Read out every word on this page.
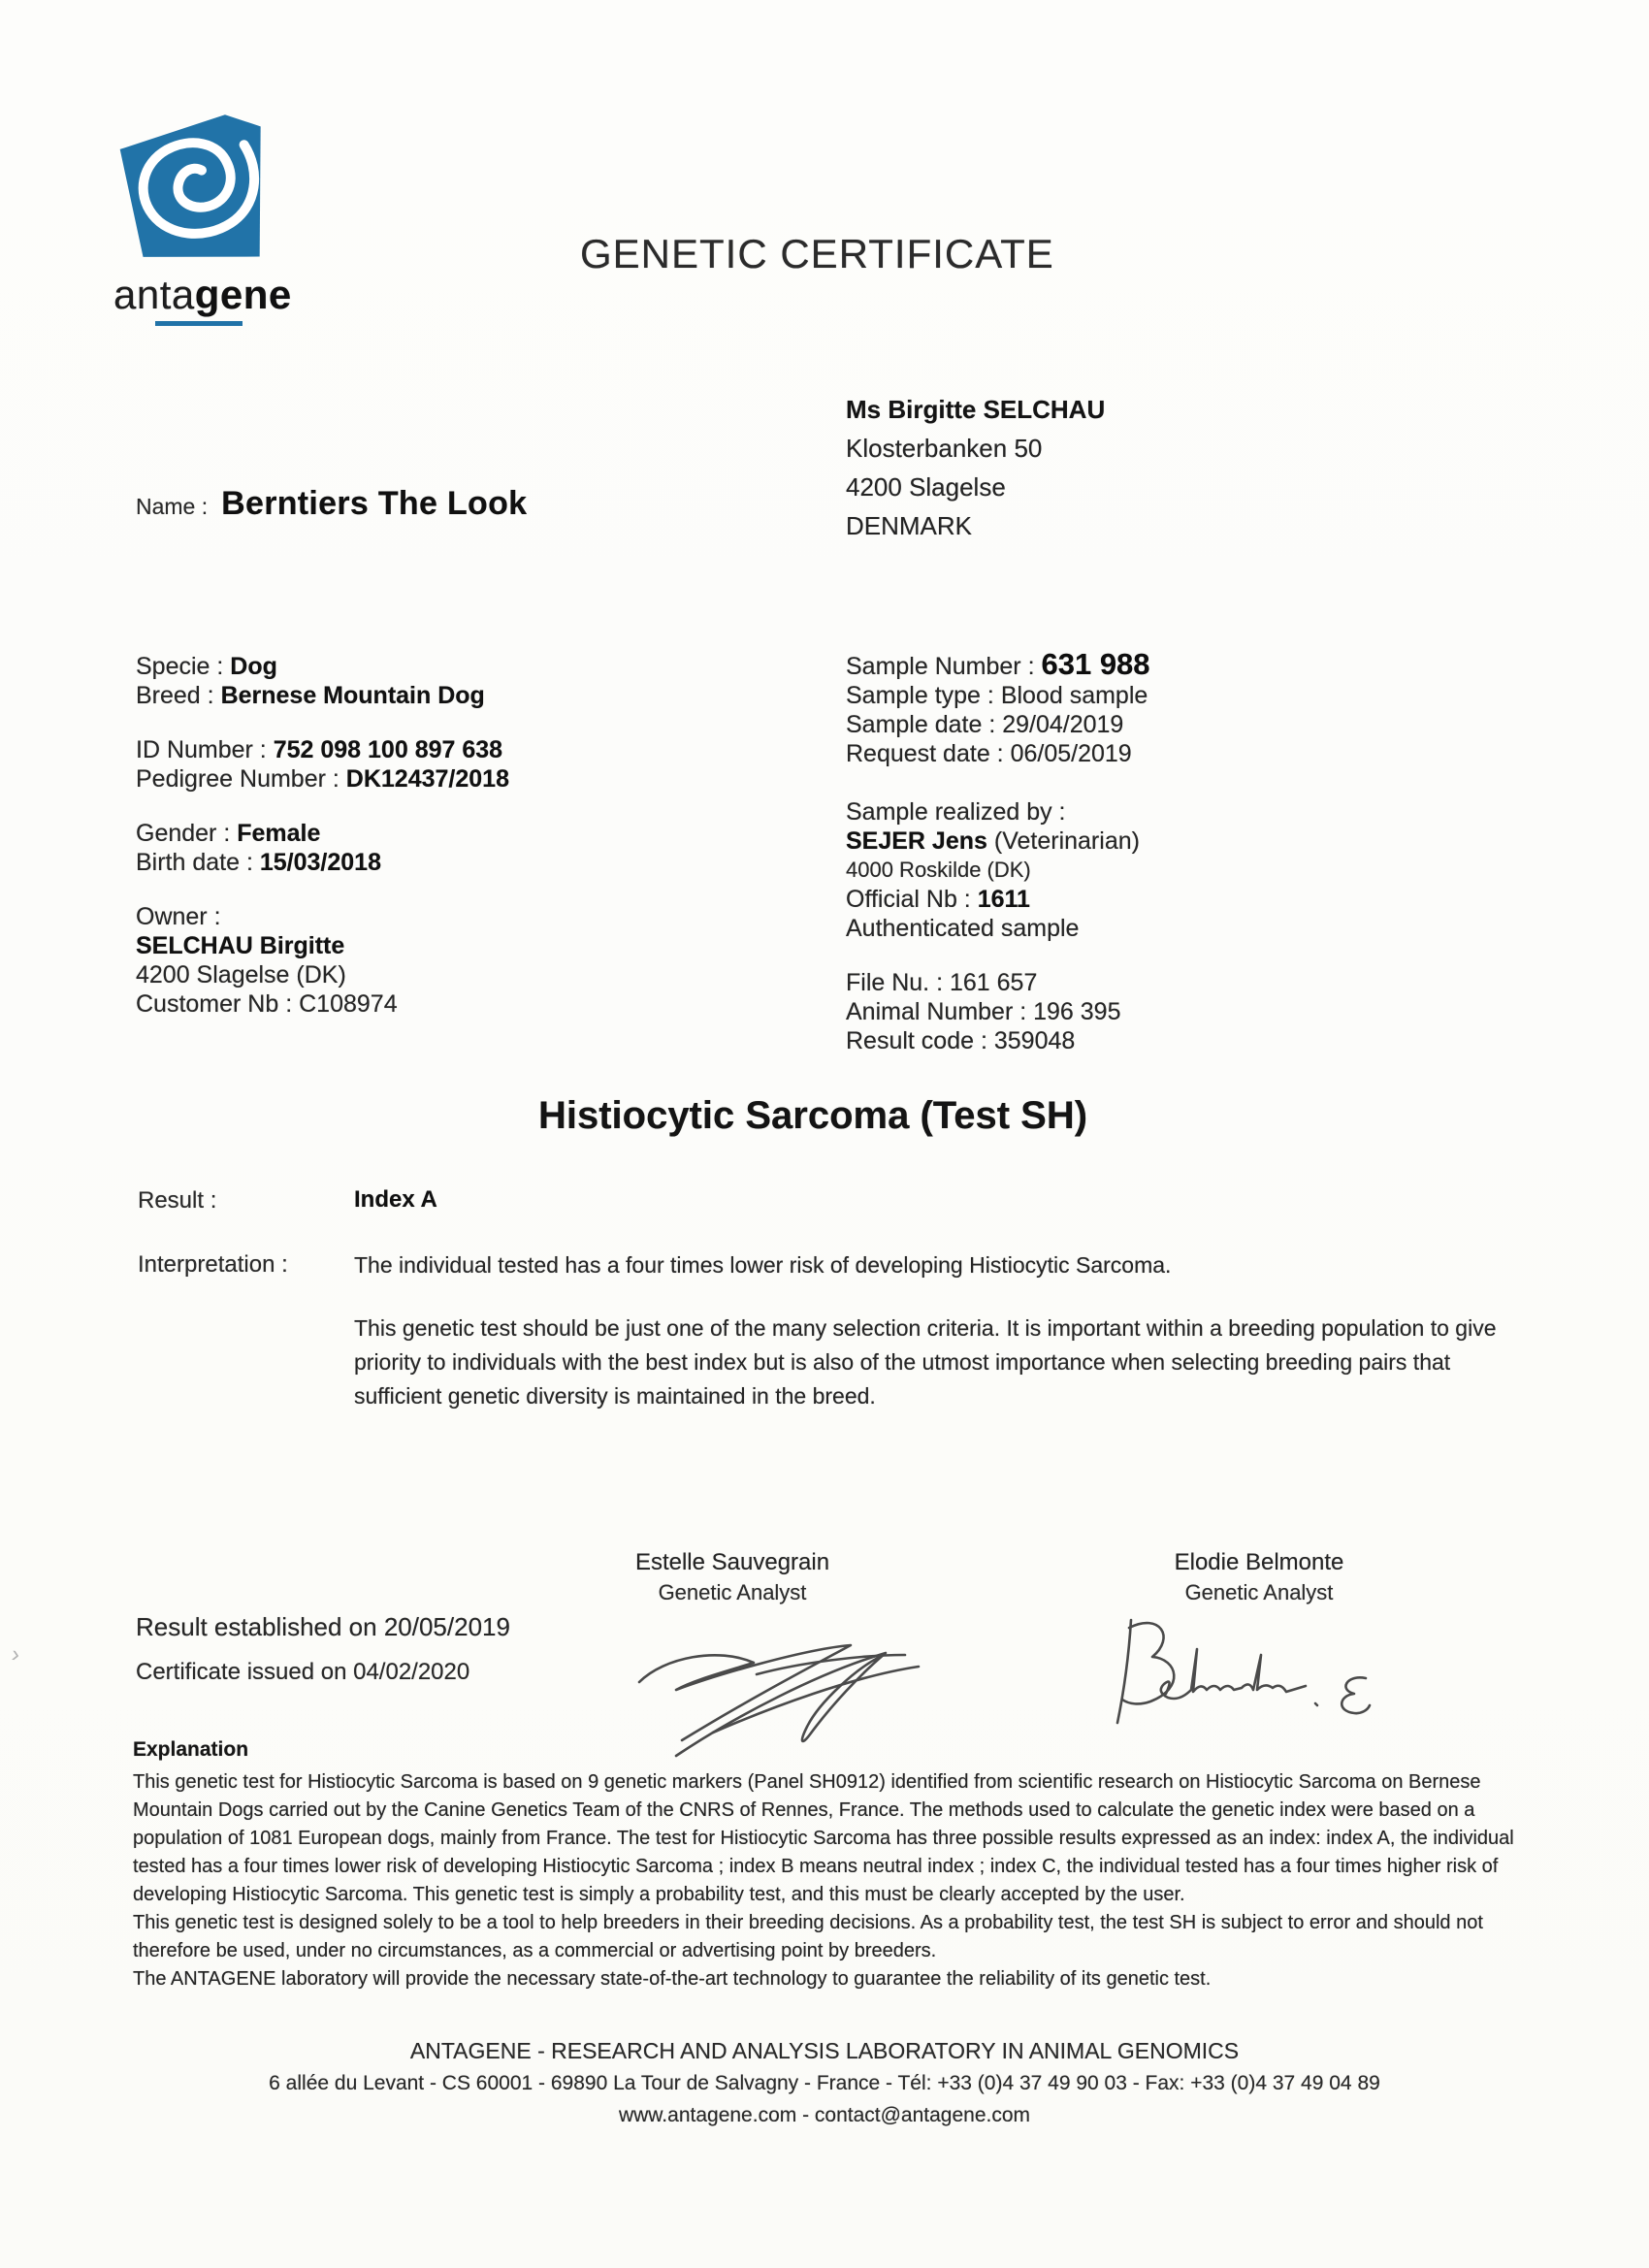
antagene
GENETIC CERTIFICATE
Ms Birgitte SELCHAU
Klosterbanken 50
4200 Slagelse
DENMARK
Name : Berntiers The Look
Specie : Dog
Breed : Bernese Mountain Dog
ID Number : 752 098 100 897 638
Pedigree Number : DK12437/2018
Gender : Female
Birth date : 15/03/2018
Owner :
SELCHAU Birgitte
4200 Slagelse (DK)
Customer Nb : C108974
Sample Number : 631 988
Sample type : Blood sample
Sample date : 29/04/2019
Request date : 06/05/2019
Sample realized by :
SEJER Jens (Veterinarian)
4000 Roskilde (DK)
Official Nb : 1611
Authenticated sample
File Nu. : 161 657
Animal Number : 196 395
Result code : 359048
Histiocytic Sarcoma (Test SH)
Result :	Index A
Interpretation :	The individual tested has a four times lower risk of developing Histiocytic Sarcoma.
This genetic test should be just one of the many selection criteria. It is important within a breeding population to give priority to individuals with the best index but is also of the utmost importance when selecting breeding pairs that sufficient genetic diversity is maintained in the breed.
Estelle Sauvegrain
Genetic Analyst
Elodie Belmonte
Genetic Analyst
Result established on 20/05/2019
Certificate issued on 04/02/2020
Explanation

This genetic test for Histiocytic Sarcoma is based on 9 genetic markers (Panel SH0912) identified from scientific research on Histiocytic Sarcoma on Bernese Mountain Dogs carried out by the Canine Genetics Team of the CNRS of Rennes, France. The methods used to calculate the genetic index were based on a population of 1081 European dogs, mainly from France. The test for Histiocytic Sarcoma has three possible results expressed as an index: index A, the individual tested has a four times lower risk of developing Histiocytic Sarcoma ; index B means neutral index ; index C, the individual tested has a four times higher risk of developing Histiocytic Sarcoma. This genetic test is simply a probability test, and this must be clearly accepted by the user.

This genetic test is designed solely to be a tool to help breeders in their breeding decisions. As a probability test, the test SH is subject to error and should not therefore be used, under no circumstances, as a commercial or advertising point by breeders.

The ANTAGENE laboratory will provide the necessary state-of-the-art technology to guarantee the reliability of its genetic test.

ANTAGENE - RESEARCH AND ANALYSIS LABORATORY IN ANIMAL GENOMICS
6 allée du Levant - CS 60001 - 69890 La Tour de Salvagny - France - Tél: +33 (0)4 37 49 90 03 - Fax: +33 (0)4 37 49 04 89
www.antagene.com - contact@antagene.com
›
